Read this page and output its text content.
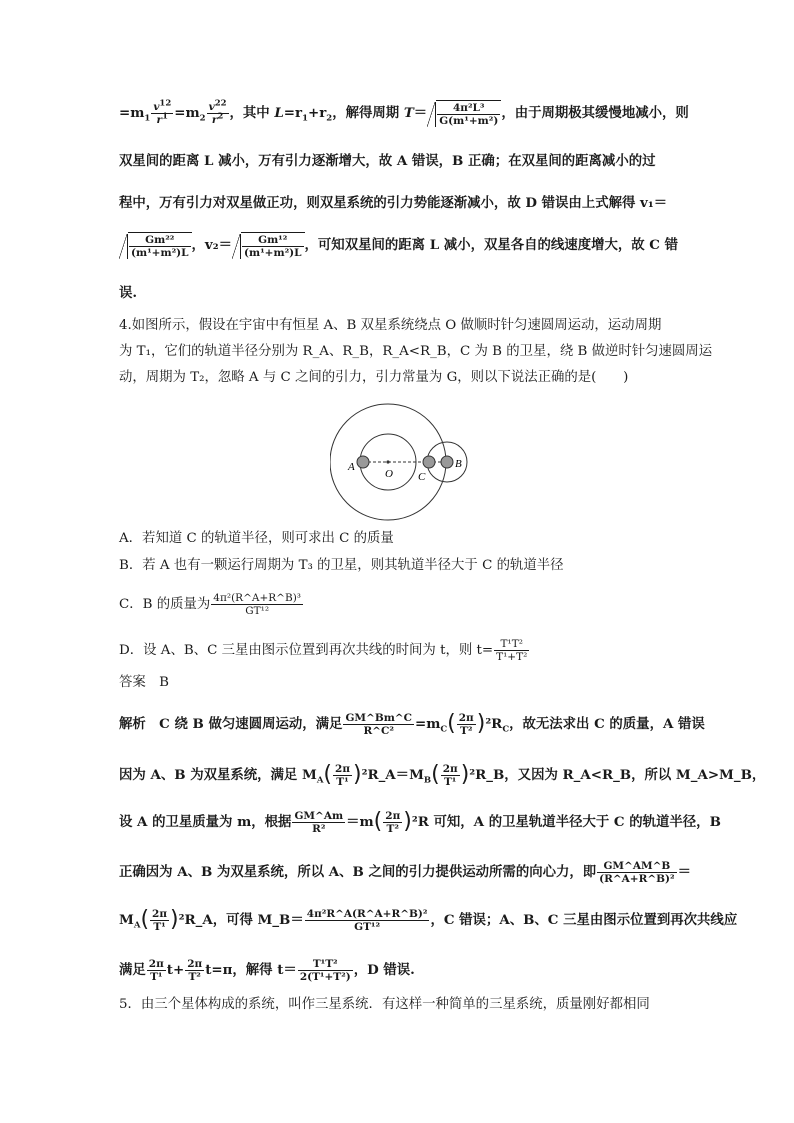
$=m_1 \frac{v^{12}}{r^1} =m_2 \frac{v^{22}}{r^2}$ ，其中 $L=r_1+r_2$，解得周期 $T= \frac{\text{4π²L³}}{\text{G(m¹+m²)}}$ ，由于周期极其缓慢地减小，则
双星间的距离 L 减小，万有引力逐渐增大，故 A 错误，B 正确；在双星间的距离减小的过
程中，万有引力对双星做正功，则双星系统的引力势能逐渐减小，故 D 错误由上式解得 v₁＝
$\frac{\text{Gm²²}}{\text{(m¹+m²)L}}$ ，$v_2= \frac{\text{Gm¹²}}{\text{(m¹+m²)L}}$ ，可知双星间的距离 L 减小，双星各自的线速度增大，故 C 错
误.
4.如图所示，假设在宇宙中有恒星 A、B 双星系统绕点 O 做顺时针匀速圆周运动，运动周期
为 T₁，它们的轨道半径分别为 R_A、R_B，R_A<R_B，C 为 B 的卫星，绕 B 做逆时针匀速圆周运
动，周期为 T₂，忽略 A 与 C 之间的引力，引力常量为 G，则以下说法正确的是(　　)
A
O C
B
A．若知道 C 的轨道半径，则可求出 C 的质量
B．若 A 也有一颗运行周期为 T₃ 的卫星，则其轨道半径大于 C 的轨道半径
C．B 的质量为 $\frac{\text{4π²(R\textasciicircum{}A+R\textasciicircum{}B)³}}{\text{GT¹²}}$
D．设 A、B、C 三星由图示位置到再次共线的时间为 t，则 $t= \frac{\text{T¹T²}}{\text{T¹+T²}}$
答案　B
解析　C 绕 B 做匀速圆周运动，满足 $\frac{GM\^{}Bm\^{}C}{\text{R\textasciicircum{}C²}} =m_C( \frac{2\pi}{\text{T²}} )^2R_C$，故无法求出 C 的质量，A 错误
因为 A、B 为双星系统，满足 $M_A( \frac{2\pi}{\text{T¹}}$ )$^2R\_A=M_B( \frac{2\pi}{\text{T¹}}$ )²R_B，又因为 R_A<R_B，所以 M_A>M_B，
设 A 的卫星质量为 m，根据 $\frac{GM\^{}Am}{\text{R²}} =m( \frac{2\pi}{\text{T²}} )^2R$ 可知，A 的卫星轨道半径大于 C 的轨道半径，B
正确因为 A、B 为双星系统，所以 A、B 之间的引力提供运动所需的向心力，即 $\frac{GM\^{}AM\^{}B}{\text{(R\textasciicircum{}A+R\textasciicircum{}B)²}}$ ＝
$M_A( \frac{2\pi}{\text{T¹}}$ )²R_A，可得 M_B＝ $\frac{\text{4π²R\textasciicircum{}A(R\textasciicircum{}A+R\textasciicircum{}B)²}}{\text{GT¹²}}$ ，C 错误；A、B、C 三星由图示位置到再次共线应
满足 $\frac{2\pi}{\text{T¹}} t+ \frac{2\pi}{\text{T²}} t=\pi$，解得 $t= \frac{\text{T¹T²}}{\text{2(T¹+T²)}}$ ，D 错误.
5．由三个星体构成的系统，叫作三星系统．有这样一种简单的三星系统，质量刚好都相同
